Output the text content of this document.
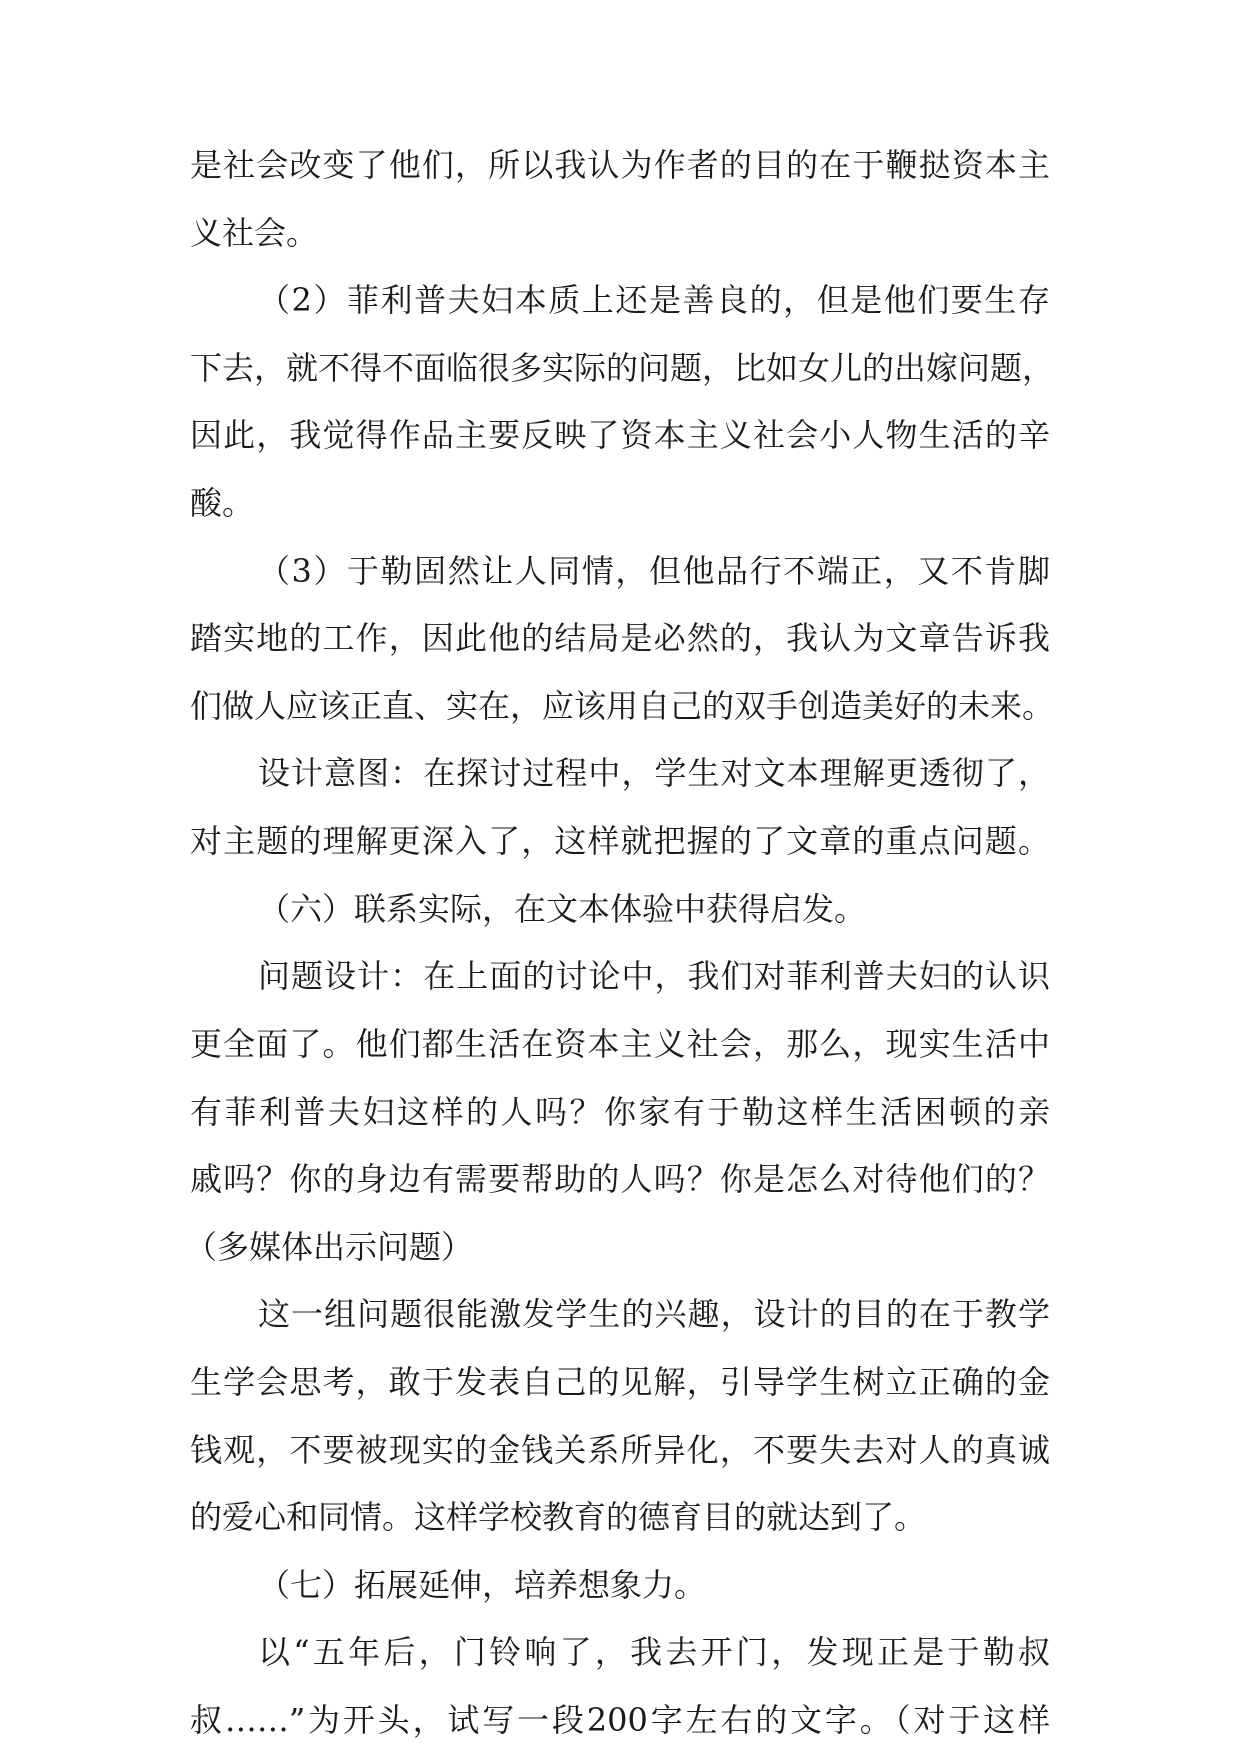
是社会改变了他们，所以我认为作者的目的在于鞭挞资本主
义社会。
（2）菲利普夫妇本质上还是善良的，但是他们要生存
下去，就不得不面临很多实际的问题，比如女儿的出嫁问题，
因此，我觉得作品主要反映了资本主义社会小人物生活的辛
酸。
（3）于勒固然让人同情，但他品行不端正，又不肯脚
踏实地的工作，因此他的结局是必然的，我认为文章告诉我
们做人应该正直、实在，应该用自己的双手创造美好的未来。
设计意图：在探讨过程中，学生对文本理解更透彻了，
对主题的理解更深入了，这样就把握的了文章的重点问题。
（六）联系实际，在文本体验中获得启发。
问题设计：在上面的讨论中，我们对菲利普夫妇的认识
更全面了。他们都生活在资本主义社会，那么，现实生活中
有菲利普夫妇这样的人吗？你家有于勒这样生活困顿的亲
戚吗？你的身边有需要帮助的人吗？你是怎么对待他们的？
（多媒体出示问题）
这一组问题很能激发学生的兴趣，设计的目的在于教学
生学会思考，敢于发表自己的见解，引导学生树立正确的金
钱观，不要被现实的金钱关系所异化，不要失去对人的真诚
的爱心和同情。这样学校教育的德育目的就达到了。
（七）拓展延伸，培养想象力。
以“五年后，门铃响了，我去开门，发现正是于勒叔
叔……”为开头，试写一段200字左右的文字。（对于这样
